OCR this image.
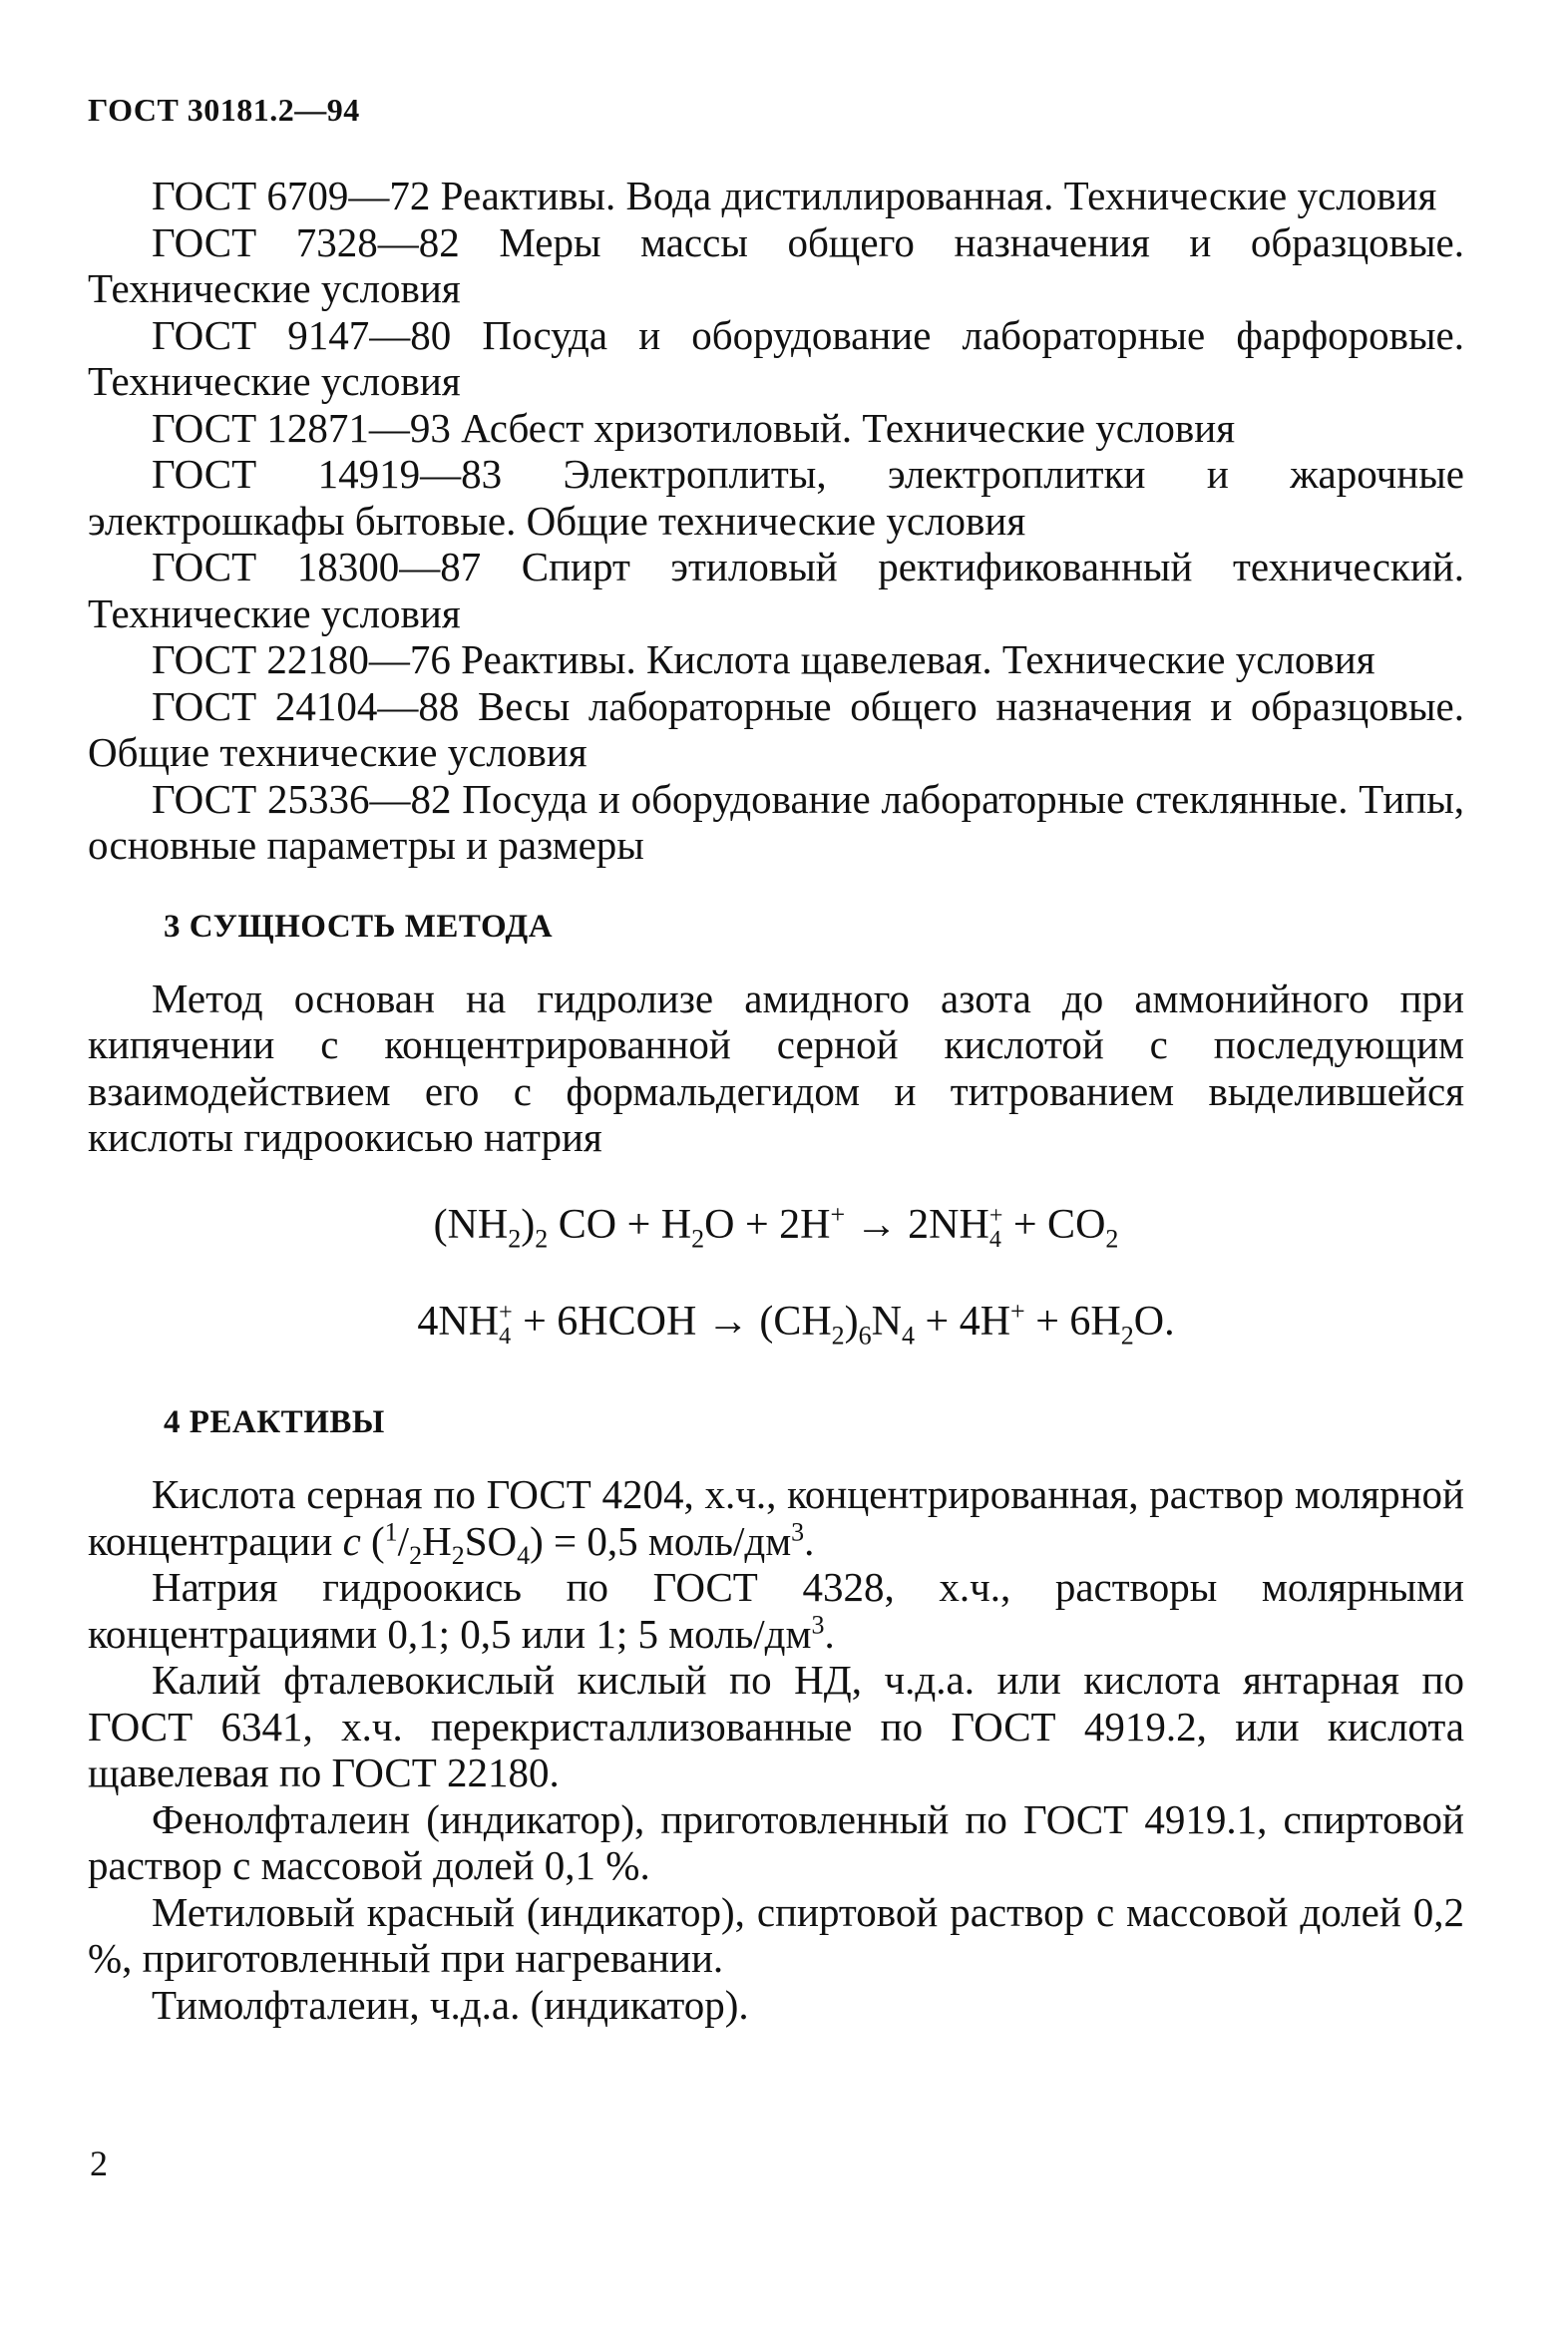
ГОСТ 30181.2—94

ГОСТ 6709—72 Реактивы. Вода дистиллированная. Технические условия

ГОСТ 7328—82 Меры массы общего назначения и образцовые. Технические условия

ГОСТ 9147—80 Посуда и оборудование лабораторные фарфоровые. Технические условия

ГОСТ 12871—93 Асбест хризотиловый. Технические условия

ГОСТ 14919—83 Электроплиты, электроплитки и жарочные электрошкафы бытовые. Общие технические условия

ГОСТ 18300—87 Спирт этиловый ректификованный технический. Технические условия

ГОСТ 22180—76 Реактивы. Кислота щавелевая. Технические условия

ГОСТ 24104—88 Весы лабораторные общего назначения и образцовые. Общие технические условия

ГОСТ 25336—82 Посуда и оборудование лабораторные стеклянные. Типы, основные параметры и размеры

3 СУЩНОСТЬ МЕТОДА

Метод основан на гидролизе амидного азота до аммонийного при кипячении с концентрированной серной кислотой с последующим взаимодействием его с формальдегидом и титрованием выделившейся кислоты гидроокисью натрия

$(NH_2)_2$ CO + $H_2O + 2H^+ \to 2NH$ +
$4 + CO_2$

4NH +
4 + 6HCOH → $(CH_2)_6N_4 + 4H^+ + 6H_2O$.

4 РЕАКТИВЫ

Кислота серная по ГОСТ 4204, х.ч., концентрированная, раствор молярной концентрации c $(^1/_2H_2SO_4) = 0,5$ моль/$дм^3$.

Натрия гидроокись по ГОСТ 4328, х.ч., растворы молярными концентрациями 0,1; 0,5 или 1; 5 моль/$дм^3$.

Калий фталевокислый кислый по НД, ч.д.а. или кислота янтарная по ГОСТ 6341, х.ч. перекристаллизованные по ГОСТ 4919.2, или кислота щавелевая по ГОСТ 22180.

Фенолфталеин (индикатор), приготовленный по ГОСТ 4919.1, спиртовой раствор с массовой долей 0,1 %.

Метиловый красный (индикатор), спиртовой раствор с массовой долей 0,2 %, приготовленный при нагревании.

Тимолфталеин, ч.д.а. (индикатор).

2
